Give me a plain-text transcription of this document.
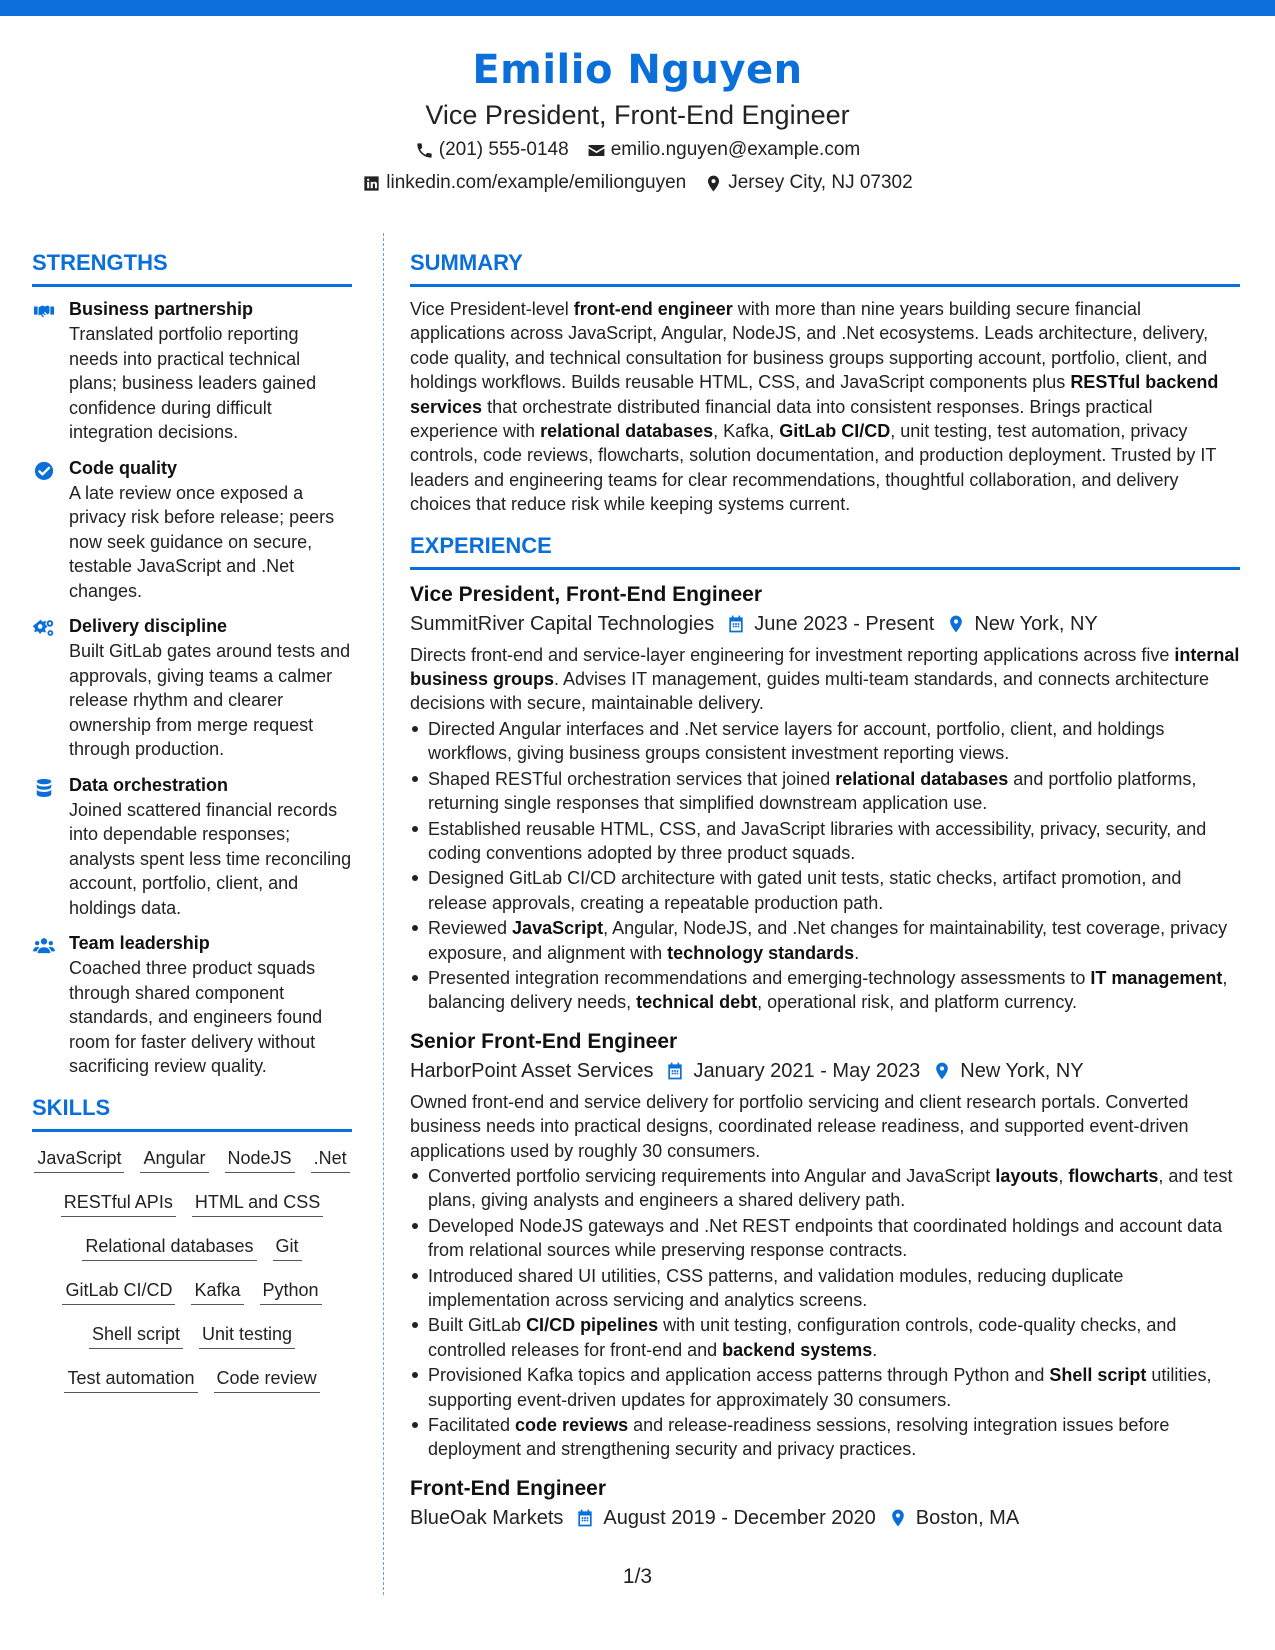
Emilio Nguyen
Vice President, Front-End Engineer
(201) 555-0148 emilio.nguyen@example.com
linkedin.com/example/emilionguyen Jersey City, NJ 07302
STRENGTHS
Business partnership
Translated portfolio reporting needs into practical technical plans; business leaders gained confidence during difficult integration decisions.
Code quality
A late review once exposed a privacy risk before release; peers now seek guidance on secure, testable JavaScript and .Net changes.
Delivery discipline
Built GitLab gates around tests and approvals, giving teams a calmer release rhythm and clearer ownership from merge request through production.
Data orchestration
Joined scattered financial records into dependable responses; analysts spent less time reconciling account, portfolio, client, and holdings data.
Team leadership
Coached three product squads through shared component standards, and engineers found room for faster delivery without sacrificing review quality.
SKILLS
JavaScript Angular NodeJS .Net
RESTful APIs HTML and CSS
Relational databases Git
GitLab CI/CD Kafka Python
Shell script Unit testing
Test automation Code review
SUMMARY
Vice President-level front-end engineer with more than nine years building secure financial applications across JavaScript, Angular, NodeJS, and .Net ecosystems. Leads architecture, delivery, code quality, and technical consultation for business groups supporting account, portfolio, client, and holdings workflows. Builds reusable HTML, CSS, and JavaScript components plus RESTful backend services that orchestrate distributed financial data into consistent responses. Brings practical experience with relational databases, Kafka, GitLab CI/CD, unit testing, test automation, privacy controls, code reviews, flowcharts, solution documentation, and production deployment. Trusted by IT leaders and engineering teams for clear recommendations, thoughtful collaboration, and delivery choices that reduce risk while keeping systems current.
EXPERIENCE
Vice President, Front-End Engineer
SummitRiver Capital Technologies June 2023 - Present New York, NY
Directs front-end and service-layer engineering for investment reporting applications across five internal business groups. Advises IT management, guides multi-team standards, and connects architecture decisions with secure, maintainable delivery.
Directed Angular interfaces and .Net service layers for account, portfolio, client, and holdings workflows, giving business groups consistent investment reporting views.
Shaped RESTful orchestration services that joined relational databases and portfolio platforms, returning single responses that simplified downstream application use.
Established reusable HTML, CSS, and JavaScript libraries with accessibility, privacy, security, and coding conventions adopted by three product squads.
Designed GitLab CI/CD architecture with gated unit tests, static checks, artifact promotion, and release approvals, creating a repeatable production path.
Reviewed JavaScript, Angular, NodeJS, and .Net changes for maintainability, test coverage, privacy exposure, and alignment with technology standards.
Presented integration recommendations and emerging-technology assessments to IT management, balancing delivery needs, technical debt, operational risk, and platform currency.
Senior Front-End Engineer
HarborPoint Asset Services January 2021 - May 2023 New York, NY
Owned front-end and service delivery for portfolio servicing and client research portals. Converted business needs into practical designs, coordinated release readiness, and supported event-driven applications used by roughly 30 consumers.
Converted portfolio servicing requirements into Angular and JavaScript layouts, flowcharts, and test plans, giving analysts and engineers a shared delivery path.
Developed NodeJS gateways and .Net REST endpoints that coordinated holdings and account data from relational sources while preserving response contracts.
Introduced shared UI utilities, CSS patterns, and validation modules, reducing duplicate implementation across servicing and analytics screens.
Built GitLab CI/CD pipelines with unit testing, configuration controls, code-quality checks, and controlled releases for front-end and backend systems.
Provisioned Kafka topics and application access patterns through Python and Shell script utilities, supporting event-driven updates for approximately 30 consumers.
Facilitated code reviews and release-readiness sessions, resolving integration issues before deployment and strengthening security and privacy practices.
Front-End Engineer
BlueOak Markets August 2019 - December 2020 Boston, MA
1/3
